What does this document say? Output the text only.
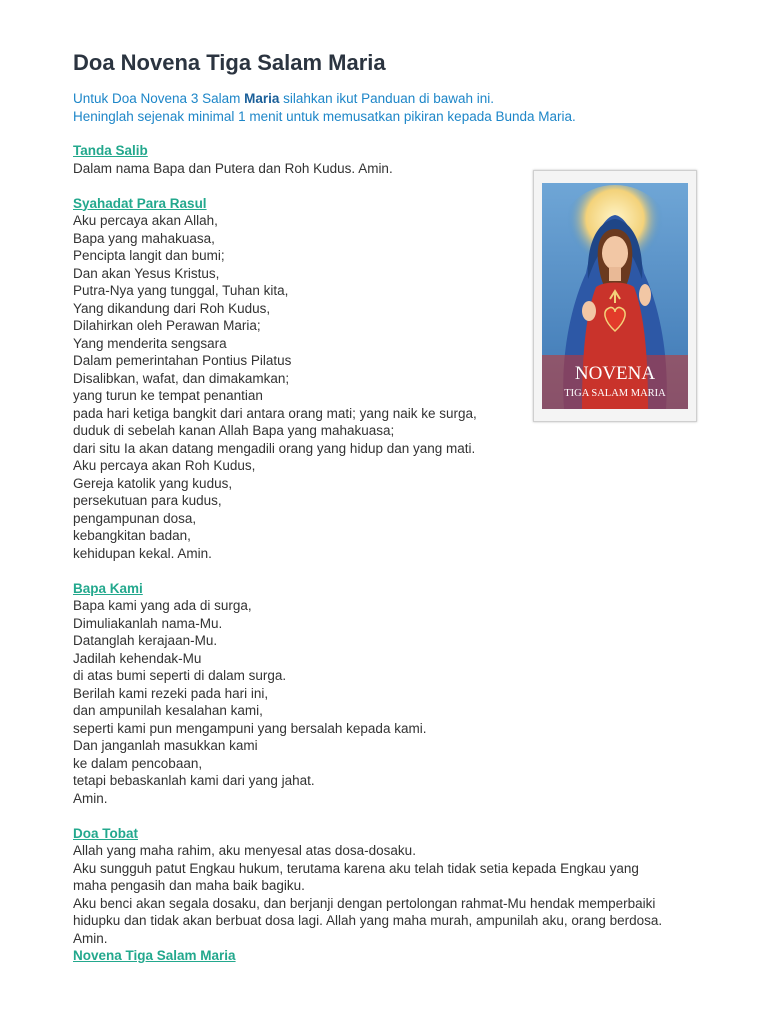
Doa Novena Tiga Salam Maria
Untuk Doa Novena 3 Salam Maria silahkan ikut Panduan di bawah ini.
Heninglah sejenak minimal 1 menit untuk memusatkan pikiran kepada Bunda Maria.
Tanda Salib
Dalam nama Bapa dan Putera dan Roh Kudus. Amin.
Syahadat Para Rasul
Aku percaya akan Allah,
Bapa yang mahakuasa,
Pencipta langit dan bumi;
Dan akan Yesus Kristus,
Putra-Nya yang tunggal, Tuhan kita,
Yang dikandung dari Roh Kudus,
Dilahirkan oleh Perawan Maria;
Yang menderita sengsara
Dalam pemerintahan Pontius Pilatus
Disalibkan, wafat, dan dimakamkan;
yang turun ke tempat penantian
pada hari ketiga bangkit dari antara orang mati; yang naik ke surga,
duduk di sebelah kanan Allah Bapa yang mahakuasa;
dari situ Ia akan datang mengadili orang yang hidup dan yang mati.
Aku percaya akan Roh Kudus,
Gereja katolik yang kudus,
persekutuan para kudus,
pengampunan dosa,
kebangkitan badan,
kehidupan kekal. Amin.
Bapa Kami
Bapa kami yang ada di surga,
Dimuliakanlah nama-Mu.
Datanglah kerajaan-Mu.
Jadilah kehendak-Mu
di atas bumi seperti di dalam surga.
Berilah kami rezeki pada hari ini,
dan ampunilah kesalahan kami,
seperti kami pun mengampuni yang bersalah kepada kami.
Dan janganlah masukkan kami
ke dalam pencobaan,
tetapi bebaskanlah kami dari yang jahat.
Amin.
Doa Tobat
Allah yang maha rahim, aku menyesal atas dosa-dosaku.
Aku sungguh patut Engkau hukum, terutama karena aku telah tidak setia kepada Engkau yang
maha pengasih dan maha baik bagiku.
Aku benci akan segala dosaku, dan berjanji dengan pertolongan rahmat-Mu hendak memperbaiki
hidupku dan tidak akan berbuat dosa lagi. Allah yang maha murah, ampunilah aku, orang berdosa.
Amin.
Novena Tiga Salam Maria
NOVENA
TIGA SALAM MARIA
